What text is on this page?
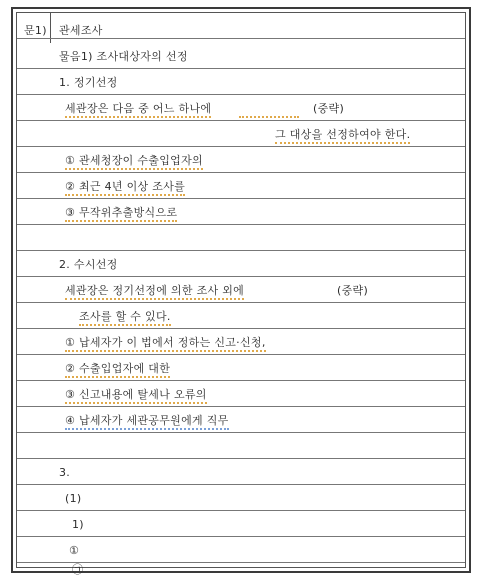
문1) 관세조사
물음1) 조사대상자의 선정
1. 정기선정
세관장은 다음 중 어느 하나에	(중략)
그 대상을 선정하여야 한다.
① 관세청장이 수출입업자의
② 최근 4년 이상 조사를
③ 무작위추출방식으로
2. 수시선정
세관장은 정기선정에 의한 조사 외에	(중략)
조사를 할 수 있다.
① 납세자가 이 법에서 정하는 신고·신청,
② 수출입업자에 대한
③ 신고내용에 탈세나 오류의
④ 납세자가 세관공무원에게 직무
3.
(1)
1)
①
㉠
